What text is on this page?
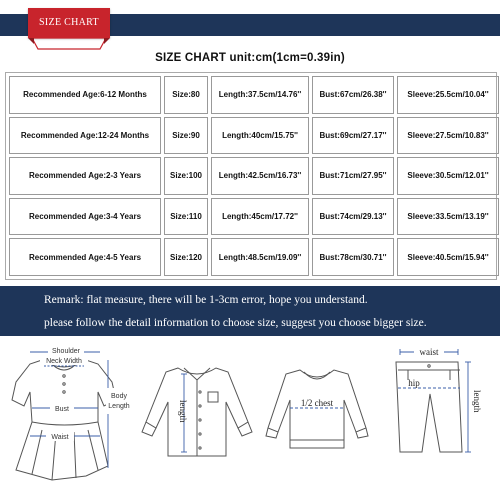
SIZE CHART
SIZE CHART unit:cm(1cm=0.39in)
Recommended Age:6-12 Months	Size:80	Length:37.5cm/14.76''	Bust:67cm/26.38''	Sleeve:25.5cm/10.04''
Recommended Age:12-24 Months	Size:90	Length:40cm/15.75''	Bust:69cm/27.17''	Sleeve:27.5cm/10.83''
Recommended Age:2-3 Years	Size:100	Length:42.5cm/16.73''	Bust:71cm/27.95''	Sleeve:30.5cm/12.01''
Recommended Age:3-4 Years	Size:110	Length:45cm/17.72''	Bust:74cm/29.13''	Sleeve:33.5cm/13.19''
Recommended Age:4-5 Years	Size:120	Length:48.5cm/19.09''	Bust:78cm/30.71''	Sleeve:40.5cm/15.94''
Remark: flat measure, there will be 1-3cm error, hope you understand.
please follow the detail information to choose size, suggest you choose bigger size.
Shoulder
Neck Width
Bust
Waist
Body
Length	length	1/2 chest
waist
hip
length
